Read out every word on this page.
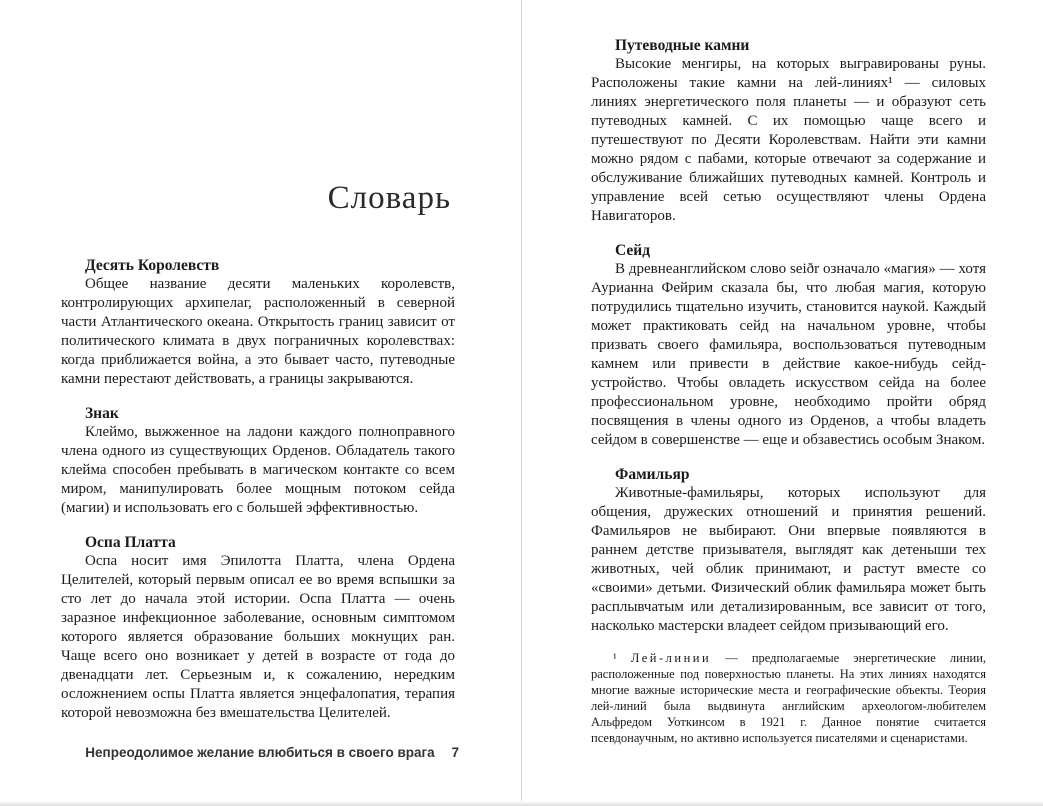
Словарь
Десять Королевств

Общее название десяти маленьких королевств, контролирующих архипелаг, расположенный в северной части Атлантического океана. Открытость границ зависит от политического климата в двух пограничных королевствах: когда приближается война, а это бывает часто, путеводные камни перестают действовать, а границы закрываются.

Знак

Клеймо, выжженное на ладони каждого полноправного члена одного из существующих Орденов. Обладатель такого клейма способен пребывать в магическом контакте со всем миром, манипулировать более мощным потоком сейда (магии) и использовать его с большей эффективностью.

Оспа Платта

Оспа носит имя Эпилотта Платта, члена Ордена Целителей, который первым описал ее во время вспышки за сто лет до начала этой истории. Оспа Платта — очень заразное инфекционное заболевание, основным симптомом которого является образование больших мокнущих ран. Чаще всего оно возникает у детей в возрасте от года до двенадцати лет. Серьезным и, к сожалению, нередким осложнением оспы Платта является энцефалопатия, терапия которой невозможна без вмешательства Целителей.

Непреодолимое желание влюбиться в своего врага 7
Путеводные камни

Высокие менгиры, на которых выгравированы руны. Расположены такие камни на лей-линиях¹ — силовых линиях энергетического поля планеты — и образуют сеть путеводных камней. С их помощью чаще всего и путешествуют по Десяти Королевствам. Найти эти камни можно рядом с пабами, которые отвечают за содержание и обслуживание ближайших путеводных камней. Контроль и управление всей сетью осуществляют члены Ордена Навигаторов.

Сейд

В древнеанглийском слово seiðr означало «магия» — хотя Аурианна Фейрим сказала бы, что любая магия, которую потрудились тщательно изучить, становится наукой. Каждый может практиковать сейд на начальном уровне, чтобы призвать своего фамильяра, воспользоваться путеводным камнем или привести в действие какое-нибудь сейд-устройство. Чтобы овладеть искусством сейда на более профессиональном уровне, необходимо пройти обряд посвящения в члены одного из Орденов, а чтобы владеть сейдом в совершенстве — еще и обзавестись особым Знаком.

Фамильяр

Животные-фамильяры, которых используют для общения, дружеских отношений и принятия решений. Фамильяров не выбирают. Они впервые появляются в раннем детстве призывателя, выглядят как детеныши тех животных, чей облик принимают, и растут вместе со «своими» детьми. Физический облик фамильяра может быть расплывчатым или детализированным, все зависит от того, насколько мастерски владеет сейдом призывающий его.

¹ Лей-линии — предполагаемые энергетические линии, расположенные под поверхностью планеты. На этих линиях находятся многие важные исторические места и географические объекты. Теория лей-линий была выдвинута английским археологом-любителем Альфредом Уоткинсом в 1921 г. Данное понятие считается псевдонаучным, но активно используется писателями и сценаристами.
